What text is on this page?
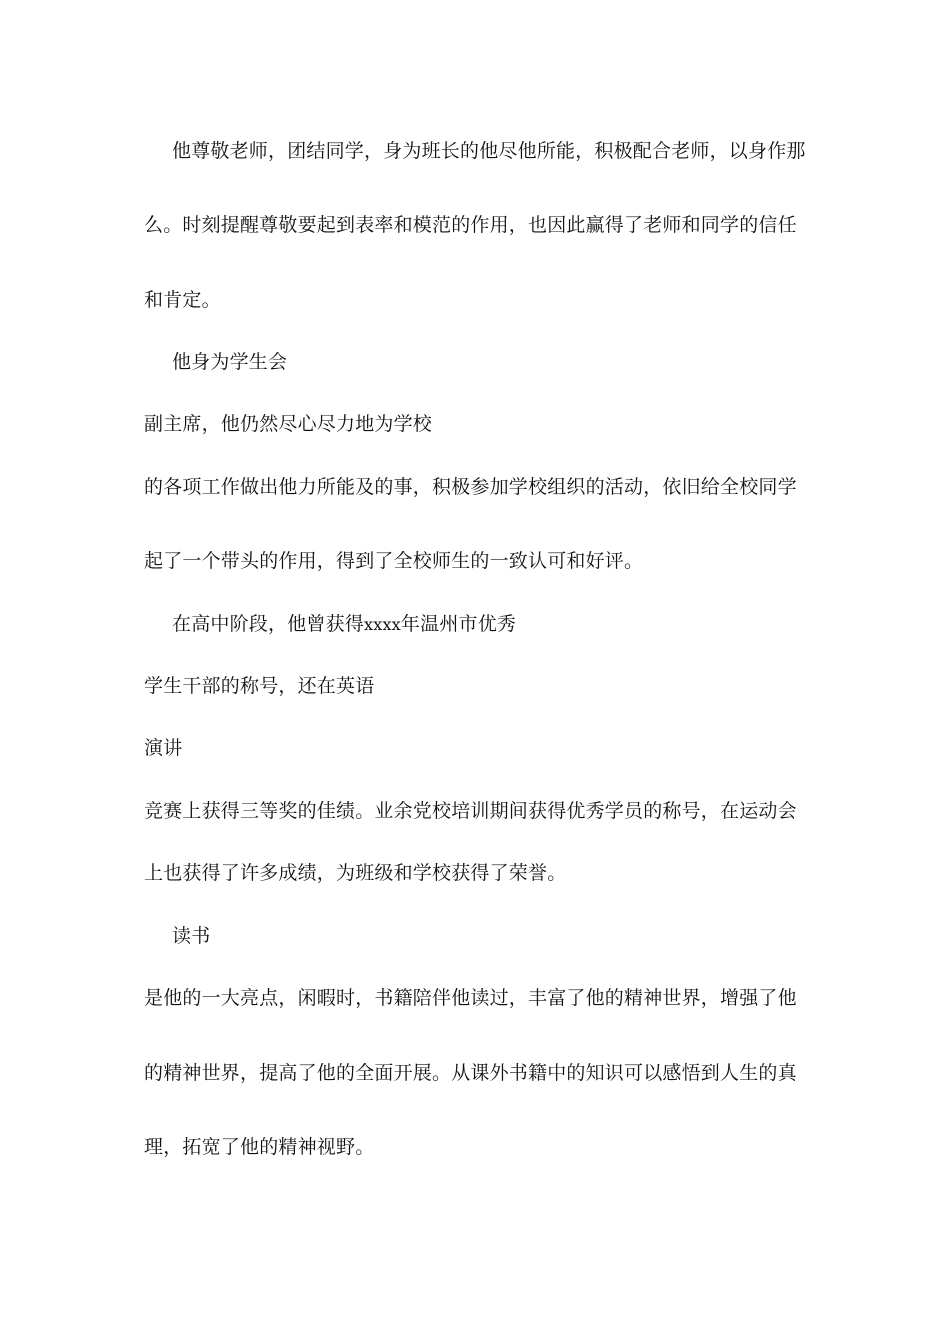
他尊敬老师，团结同学，身为班长的他尽他所能，积极配合老师，以身作那
么。时刻提醒尊敬要起到表率和模范的作用，也因此赢得了老师和同学的信任
和肯定。
他身为学生会
副主席，他仍然尽心尽力地为学校
的各项工作做出他力所能及的事，积极参加学校组织的活动，依旧给全校同学
起了一个带头的作用，得到了全校师生的一致认可和好评。
在高中阶段，他曾获得xxxx年温州市优秀
学生干部的称号，还在英语
演讲
竞赛上获得三等奖的佳绩。业余党校培训期间获得优秀学员的称号，在运动会
上也获得了许多成绩，为班级和学校获得了荣誉。
读书
是他的一大亮点，闲暇时，书籍陪伴他读过，丰富了他的精神世界，增强了他
的精神世界，提高了他的全面开展。从课外书籍中的知识可以感悟到人生的真
理，拓宽了他的精神视野。
